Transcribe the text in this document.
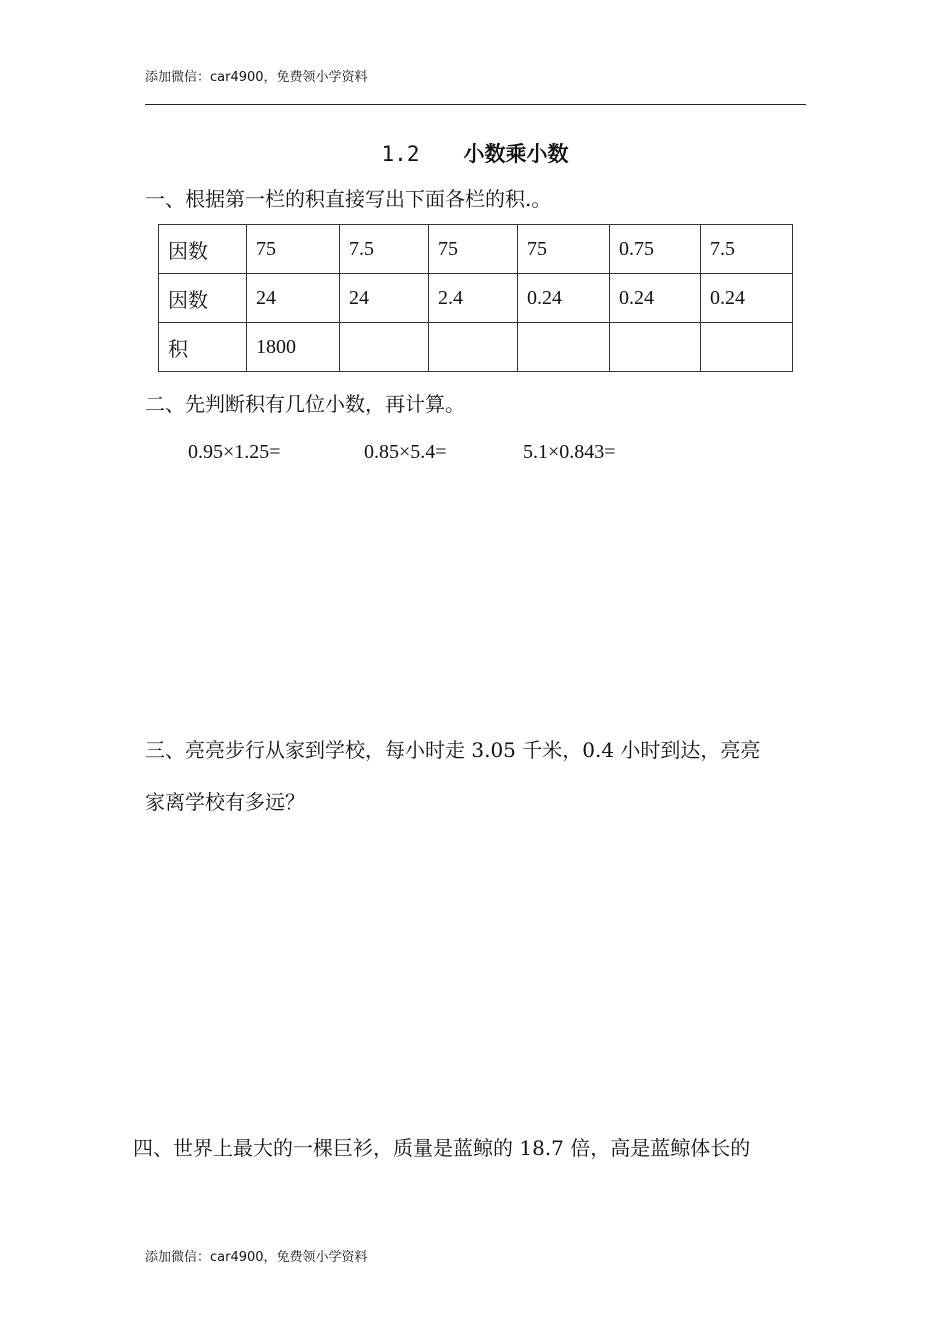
添加微信：car4900，免费领小学资料
1.2 小数乘小数
一、根据第一栏的积直接写出下面各栏的积.。
因数	75	7.5	75	75	0.75	7.5
因数	24	24	2.4	0.24	0.24	0.24
积	1800					
二、先判断积有几位小数，再计算。
0.95×1.25=	0.85×5.4=	5.1×0.843=
三、亮亮步行从家到学校，每小时走 3.05 千米，0.4 小时到达，亮亮
家离学校有多远？
四、世界上最大的一棵巨衫，质量是蓝鲸的 18.7 倍，高是蓝鲸体长的
添加微信：car4900，免费领小学资料
